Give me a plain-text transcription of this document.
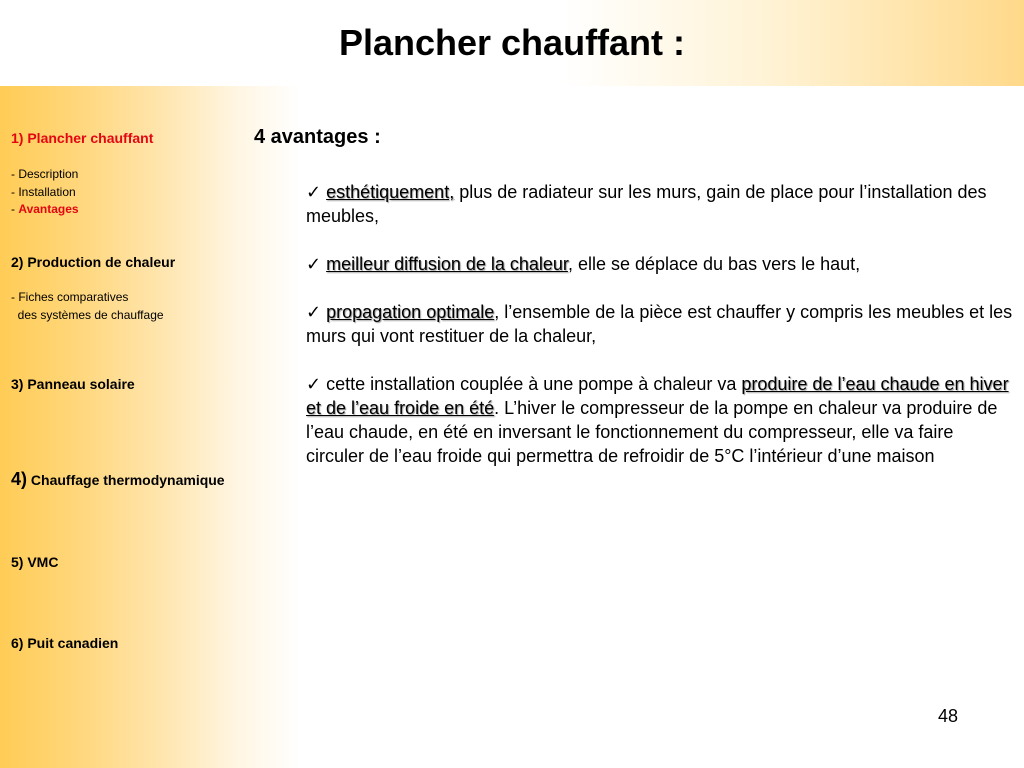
Plancher chauffant :
1) Plancher chauffant
- Description
- Installation
- Avantages
2) Production de chaleur
- Fiches comparatives
des systèmes de chauffage
3) Panneau solaire
4) Chauffage thermodynamique
5) VMC
6) Puit canadien
4 avantages :
✓ esthétiquement, plus de radiateur sur les murs, gain de place pour l’installation des meubles,
✓ meilleur diffusion de la chaleur, elle se déplace du bas vers le haut,
✓ propagation optimale, l’ensemble de la pièce est chauffer y compris les meubles et les murs qui vont restituer de la chaleur,
✓ cette installation couplée à une pompe à chaleur va produire de l’eau chaude en hiver et de l’eau froide en été. L’hiver le compresseur de la pompe en chaleur va produire de l’eau chaude, en été en inversant le fonctionnement du compresseur, elle va faire circuler de l’eau froide qui permettra de refroidir de 5°C l’intérieur d’une maison
48
